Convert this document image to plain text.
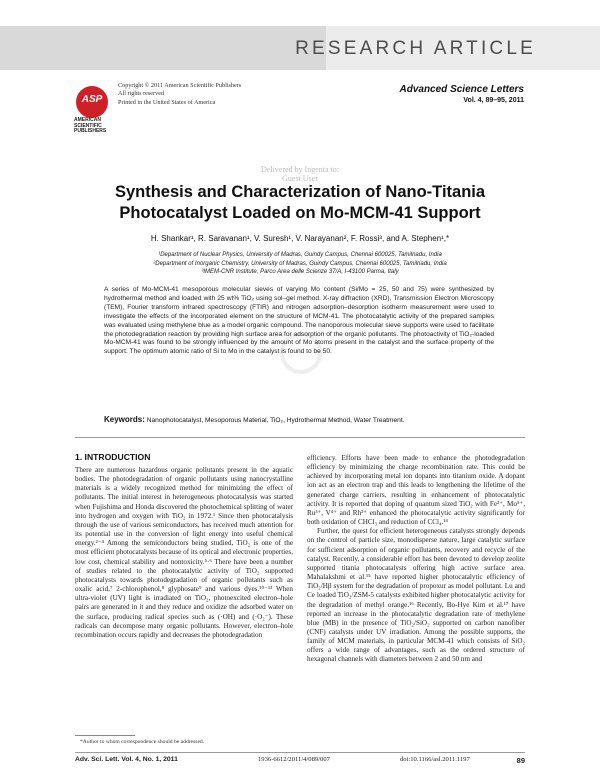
RESEARCH ARTICLE
ASP
AMERICAN
SCIENTIFIC
PUBLISHERS
Copyright © 2011 American Scientific Publishers
All rights reserved
Printed in the United States of America
Advanced Science Letters
Vol. 4, 89–95, 2011
Delivered by Ingenta to:
Guest User
Synthesis and Characterization of Nano-Titania
Photocatalyst Loaded on Mo-MCM-41 Support
H. Shankar¹, R. Saravanan¹, V. Suresh¹, V. Narayanan², F. Rossi³, and A. Stephen¹,*
¹Department of Nuclear Physics, University of Madras, Guindy Campus, Chennai 600025, Tamilnadu, India
²Department of Inorganic Chemistry, University of Madras, Guindy Campus, Chennai 600025, Tamilnadu, India
³IMEM-CNR Institute, Parco Area delle Scienze 37/A, I-43100 Parma, Italy
A series of Mo-MCM-41 mesoporous molecular sieves of varying Mo content (Si/Mo = 25, 50 and 75) were synthesized by hydrothermal method and loaded with 25 wt% TiO₂ using sol–gel method. X-ray diffraction (XRD), Transmission Electron Microscopy (TEM), Fourier transform infrared spectroscopy (FTIR) and nitrogen adsorption–desorption isotherm measurement were used to investigate the effects of the incorporated element on the structure of MCM-41. The photocatalytic activity of the prepared samples was evaluated using methylene blue as a model organic compound. The nanoporous molecular sieve supports were used to facilitate the photodegradation reaction by providing high surface area for adsorption of the organic pollutants. The photoactivity of TiO₂-loaded Mo-MCM-41 was found to be strongly influenced by the amount of Mo atoms present in the catalyst and the surface property of the support. The optimum atomic ratio of Si to Mo in the catalyst is found to be 50.
Keywords: Nanophotocatalyst, Mesoporous Material, TiO₂, Hydrothermal Method, Water Treatment.
1. INTRODUCTION

There are numerous hazardous organic pollutants present in the aquatic bodies. The photodegradation of organic pollutants using nanocrystalline materials is a widely recognized method for minimizing the effect of pollutants. The initial interest in heterogeneous photocatalysis was started when Fujishima and Honda discovered the photochemical splitting of water into hydrogen and oxygen with TiO₂ in 1972.¹ Since then photocatalysis through the use of various semiconductors, has received much attention for its potential use in the conversion of light energy into useful chemical energy.²⁻⁴ Among the semiconductors being studied, TiO₂ is one of the most efficient photocatalysts because of its optical and electronic properties, low cost, chemical stability and nontoxicity.⁵·⁶ There have been a number of studies related to the photocatalytic activity of TiO₂ supported photocatalysts towards photodegradation of organic pollutants such as oxalic acid,⁷ 2-chlorophenol,⁸ glyphosate⁹ and various dyes.¹⁰⁻¹³ When ultra-violet (UV) light is irradiated on TiO₂, photoexcited electron–hole pairs are generated in it and they reduce and oxidize the adsorbed water on the surface, producing radical species such as (·OH) and (·O₂⁻). These radicals can decompose many organic pollutants. However, electron–hole recombination occurs rapidly and decreases the photodegradation

efficiency. Efforts have been made to enhance the photodegradation efficiency by minimizing the charge recombination rate. This could be achieved by incorporating metal ion dopants into titanium oxide. A dopant ion act as an electron trap and this leads to lengthening the lifetime of the generated charge carriers, resulting in enhancement of photocatalytic activity. It is reported that doping of quantum sized TiO₂ with Fe³⁺, Mo⁵⁺, Ru³⁺, V⁴⁺ and Rh³⁺ enhanced the photocatalytic activity significantly for both oxidation of CHCl₃ and reduction of CCl₄.¹⁴

Further, the quest for efficient heterogeneous catalysts strongly depends on the control of particle size, monodisperse nature, large catalytic surface for sufficient adsorption of organic pollutants, recovery and recycle of the catalyst. Recently, a considerable effort has been devoted to develop zeolite supported titania photocatalysts offering high active surface area. Mahalakshmi et al.¹⁵ have reported higher photocatalytic efficiency of TiO₂/Hβ system for the degradation of propoxur as model pollutant. Lu and Ce loaded TiO₂/ZSM-5 catalysts exhibited higher photocatalytic activity for the degradation of methyl orange.¹⁶ Recently, Bo-Hye Kim et al.¹⁷ have reported an increase in the photocatalytic degradation rate of methylene blue (MB) in the presence of TiO₂/SiO₂ supported on carbon nanofiber (CNF) catalysts under UV irradiation. Among the possible supports, the family of MCM materials, in particular MCM-41 which consists of SiO₂ offers a wide range of advantages, such as the ordered structure of hexagonal channels with diameters between 2 and 50 nm and

*Author to whom correspondence should be addressed.
Adv. Sci. Lett. Vol. 4, No. 1, 2011	1936-6612/2011/4/089/007	doi:10.1166/asl.2011.1197	89
